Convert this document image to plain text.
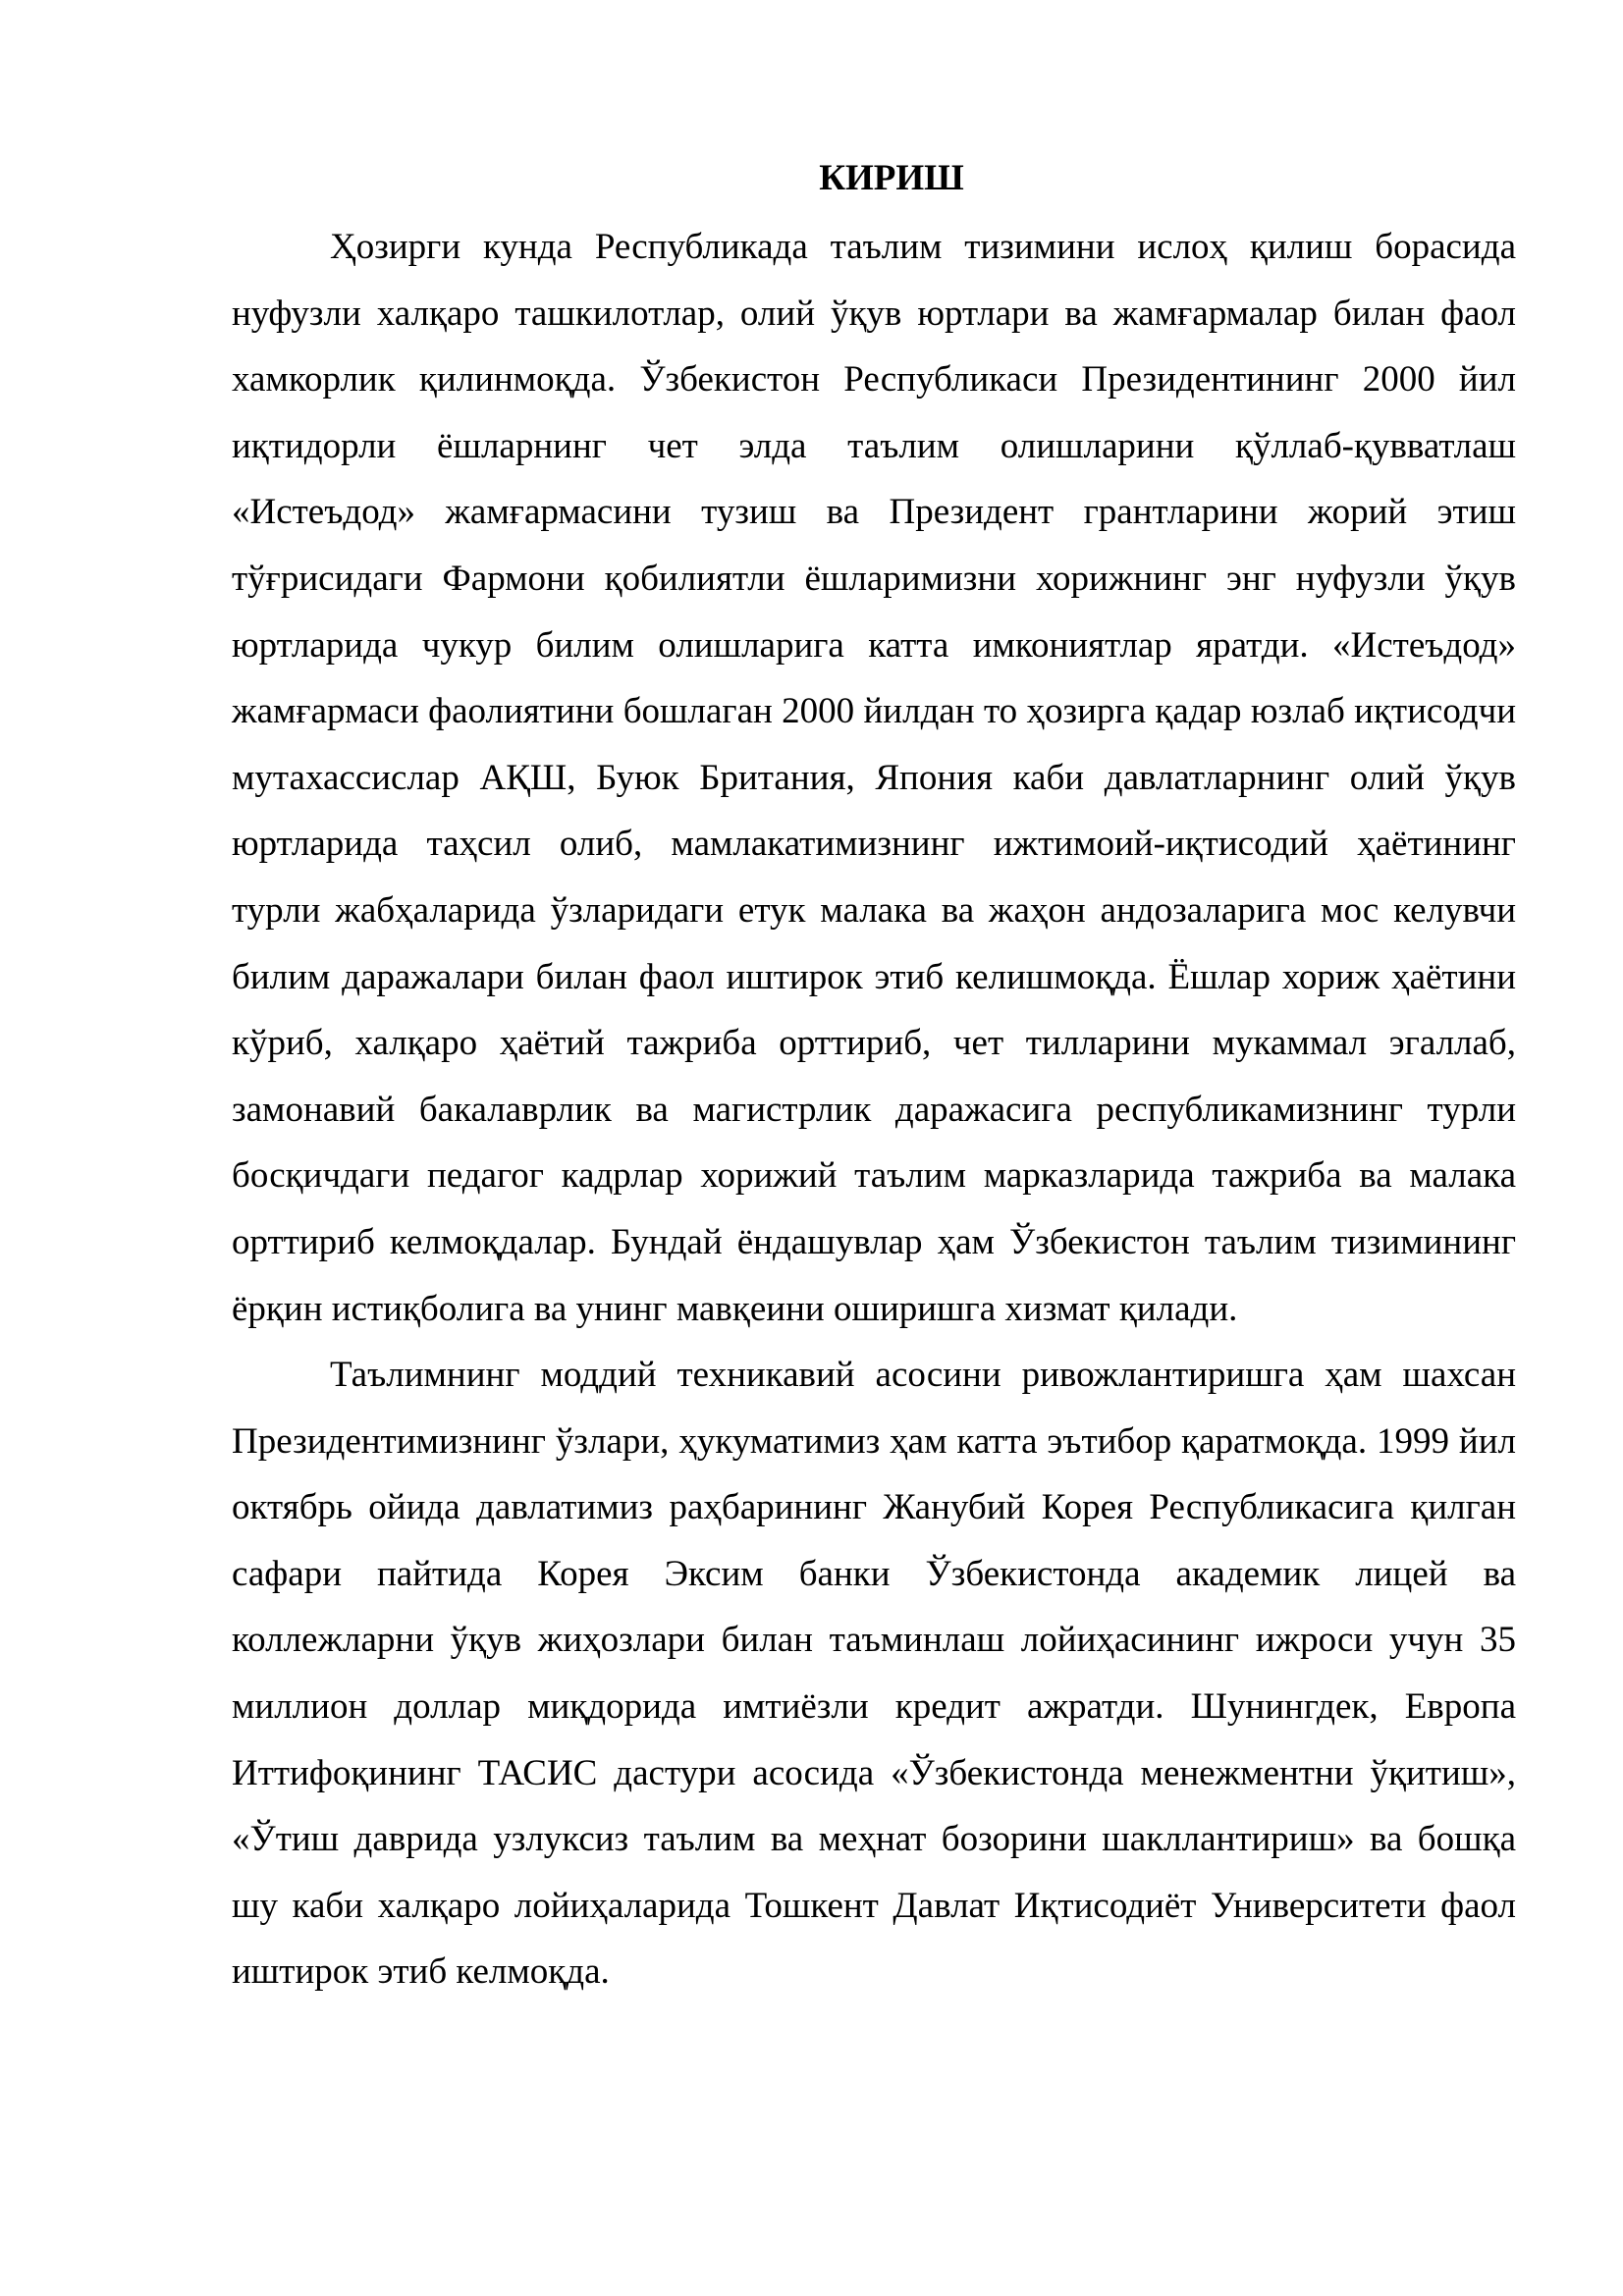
КИРИШ

Ҳозирги кунда Республикада таълим тизимини ислоҳ қилиш борасида нуфузли халқаро ташкилотлар, олий ўқув юртлари ва жамғармалар билан фаол хамкорлик қилинмоқда. Ўзбекистон Республикаси Президентининг 2000 йил иқтидорли ёшларнинг чет элда таълим олишларини қўллаб-қувватлаш «Истеъдод» жамғармасини тузиш ва Президент грантларини жорий этиш тўғрисидаги Фармони қобилиятли ёшларимизни хорижнинг энг нуфузли ўқув юртларида чукур билим олишларига катта имкониятлар яратди. «Истеъдод» жамғармаси фаолиятини бошлаган 2000 йилдан то ҳозирга қадар юзлаб иқтисодчи мутахассислар АҚШ, Буюк Британия, Япония каби давлатларнинг олий ўқув юртларида таҳсил олиб, мамлакатимизнинг ижтимоий-иқтисодий ҳаётининг турли жабҳаларида ўзларидаги етук малака ва жаҳон андозаларига мос келувчи билим даражалари билан фаол иштирок этиб келишмоқда. Ёшлар хориж ҳаётини кўриб, халқаро ҳаётий тажриба орттириб, чет тилларини мукаммал эгаллаб, замонавий бакалаврлик ва магистрлик даражасига республикамизнинг турли босқичдаги педагог кадрлар хорижий таълим марказларида тажриба ва малака орттириб келмоқдалар. Бундай ёндашувлар ҳам Ўзбекистон таълим тизимининг ёрқин истиқболига ва унинг мавқеини оширишга хизмат қилади.

Таълимнинг моддий техникавий асосини ривожлантиришга ҳам шахсан Президентимизнинг ўзлари, ҳукуматимиз ҳам катта эътибор қаратмоқда. 1999 йил октябрь ойида давлатимиз раҳбарининг Жанубий Корея Республикасига қилган сафари пайтида Корея Эксим банки Ўзбекистонда академик лицей ва коллежларни ўқув жиҳозлари билан таъминлаш лойиҳасининг ижроси учун 35 миллион доллар миқдорида имтиёзли кредит ажратди. Шунингдек, Европа Иттифоқининг ТАСИС дастури асосида «Ўзбекистонда менежментни ўқитиш», «Ўтиш даврида узлуксиз таълим ва меҳнат бозорини шакллантириш» ва бошқа шу каби халқаро лойиҳаларида Тошкент Давлат Иқтисодиёт Университети фаол иштирок этиб келмоқда.
